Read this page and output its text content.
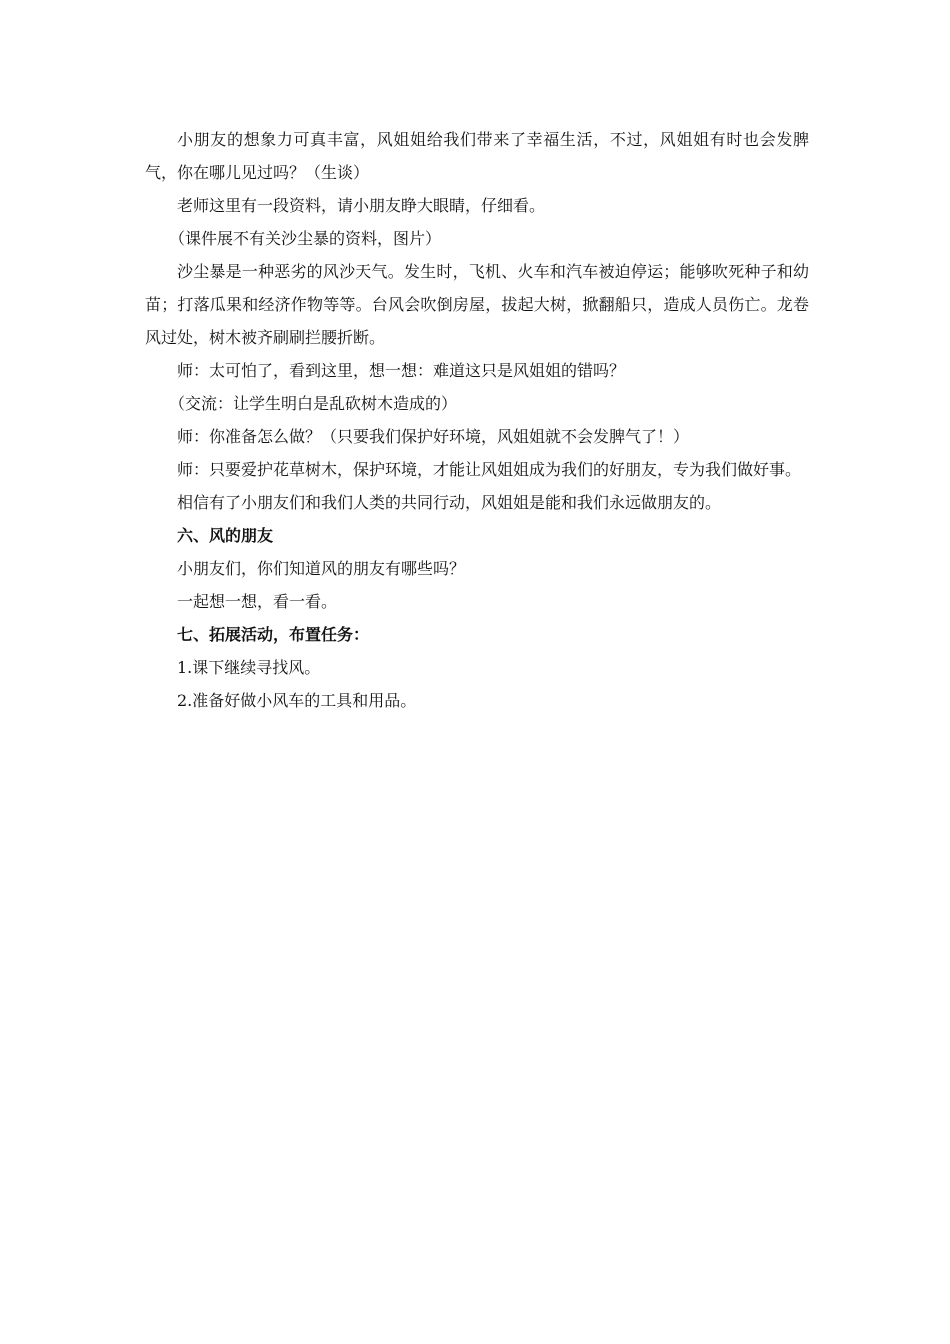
小朋友的想象力可真丰富，风姐姐给我们带来了幸福生活，不过，风姐姐有时也会发脾气，你在哪儿见过吗？（生谈）

老师这里有一段资料，请小朋友睁大眼睛，仔细看。

（课件展不有关沙尘暴的资料，图片）

沙尘暴是一种恶劣的风沙天气。发生时，飞机、火车和汽车被迫停运；能够吹死种子和幼苗；打落瓜果和经济作物等等。台风会吹倒房屋，拔起大树，掀翻船只，造成人员伤亡。龙卷风过处，树木被齐刷刷拦腰折断。

师：太可怕了，看到这里，想一想：难道这只是风姐姐的错吗？

（交流：让学生明白是乱砍树木造成的）

师：你准备怎么做？（只要我们保护好环境，风姐姐就不会发脾气了！）

师：只要爱护花草树木，保护环境，才能让风姐姐成为我们的好朋友，专为我们做好事。

相信有了小朋友们和我们人类的共同行动，风姐姐是能和我们永远做朋友的。

六、风的朋友

小朋友们，你们知道风的朋友有哪些吗？

一起想一想，看一看。

七、拓展活动，布置任务：

1.课下继续寻找风。

2.准备好做小风车的工具和用品。
